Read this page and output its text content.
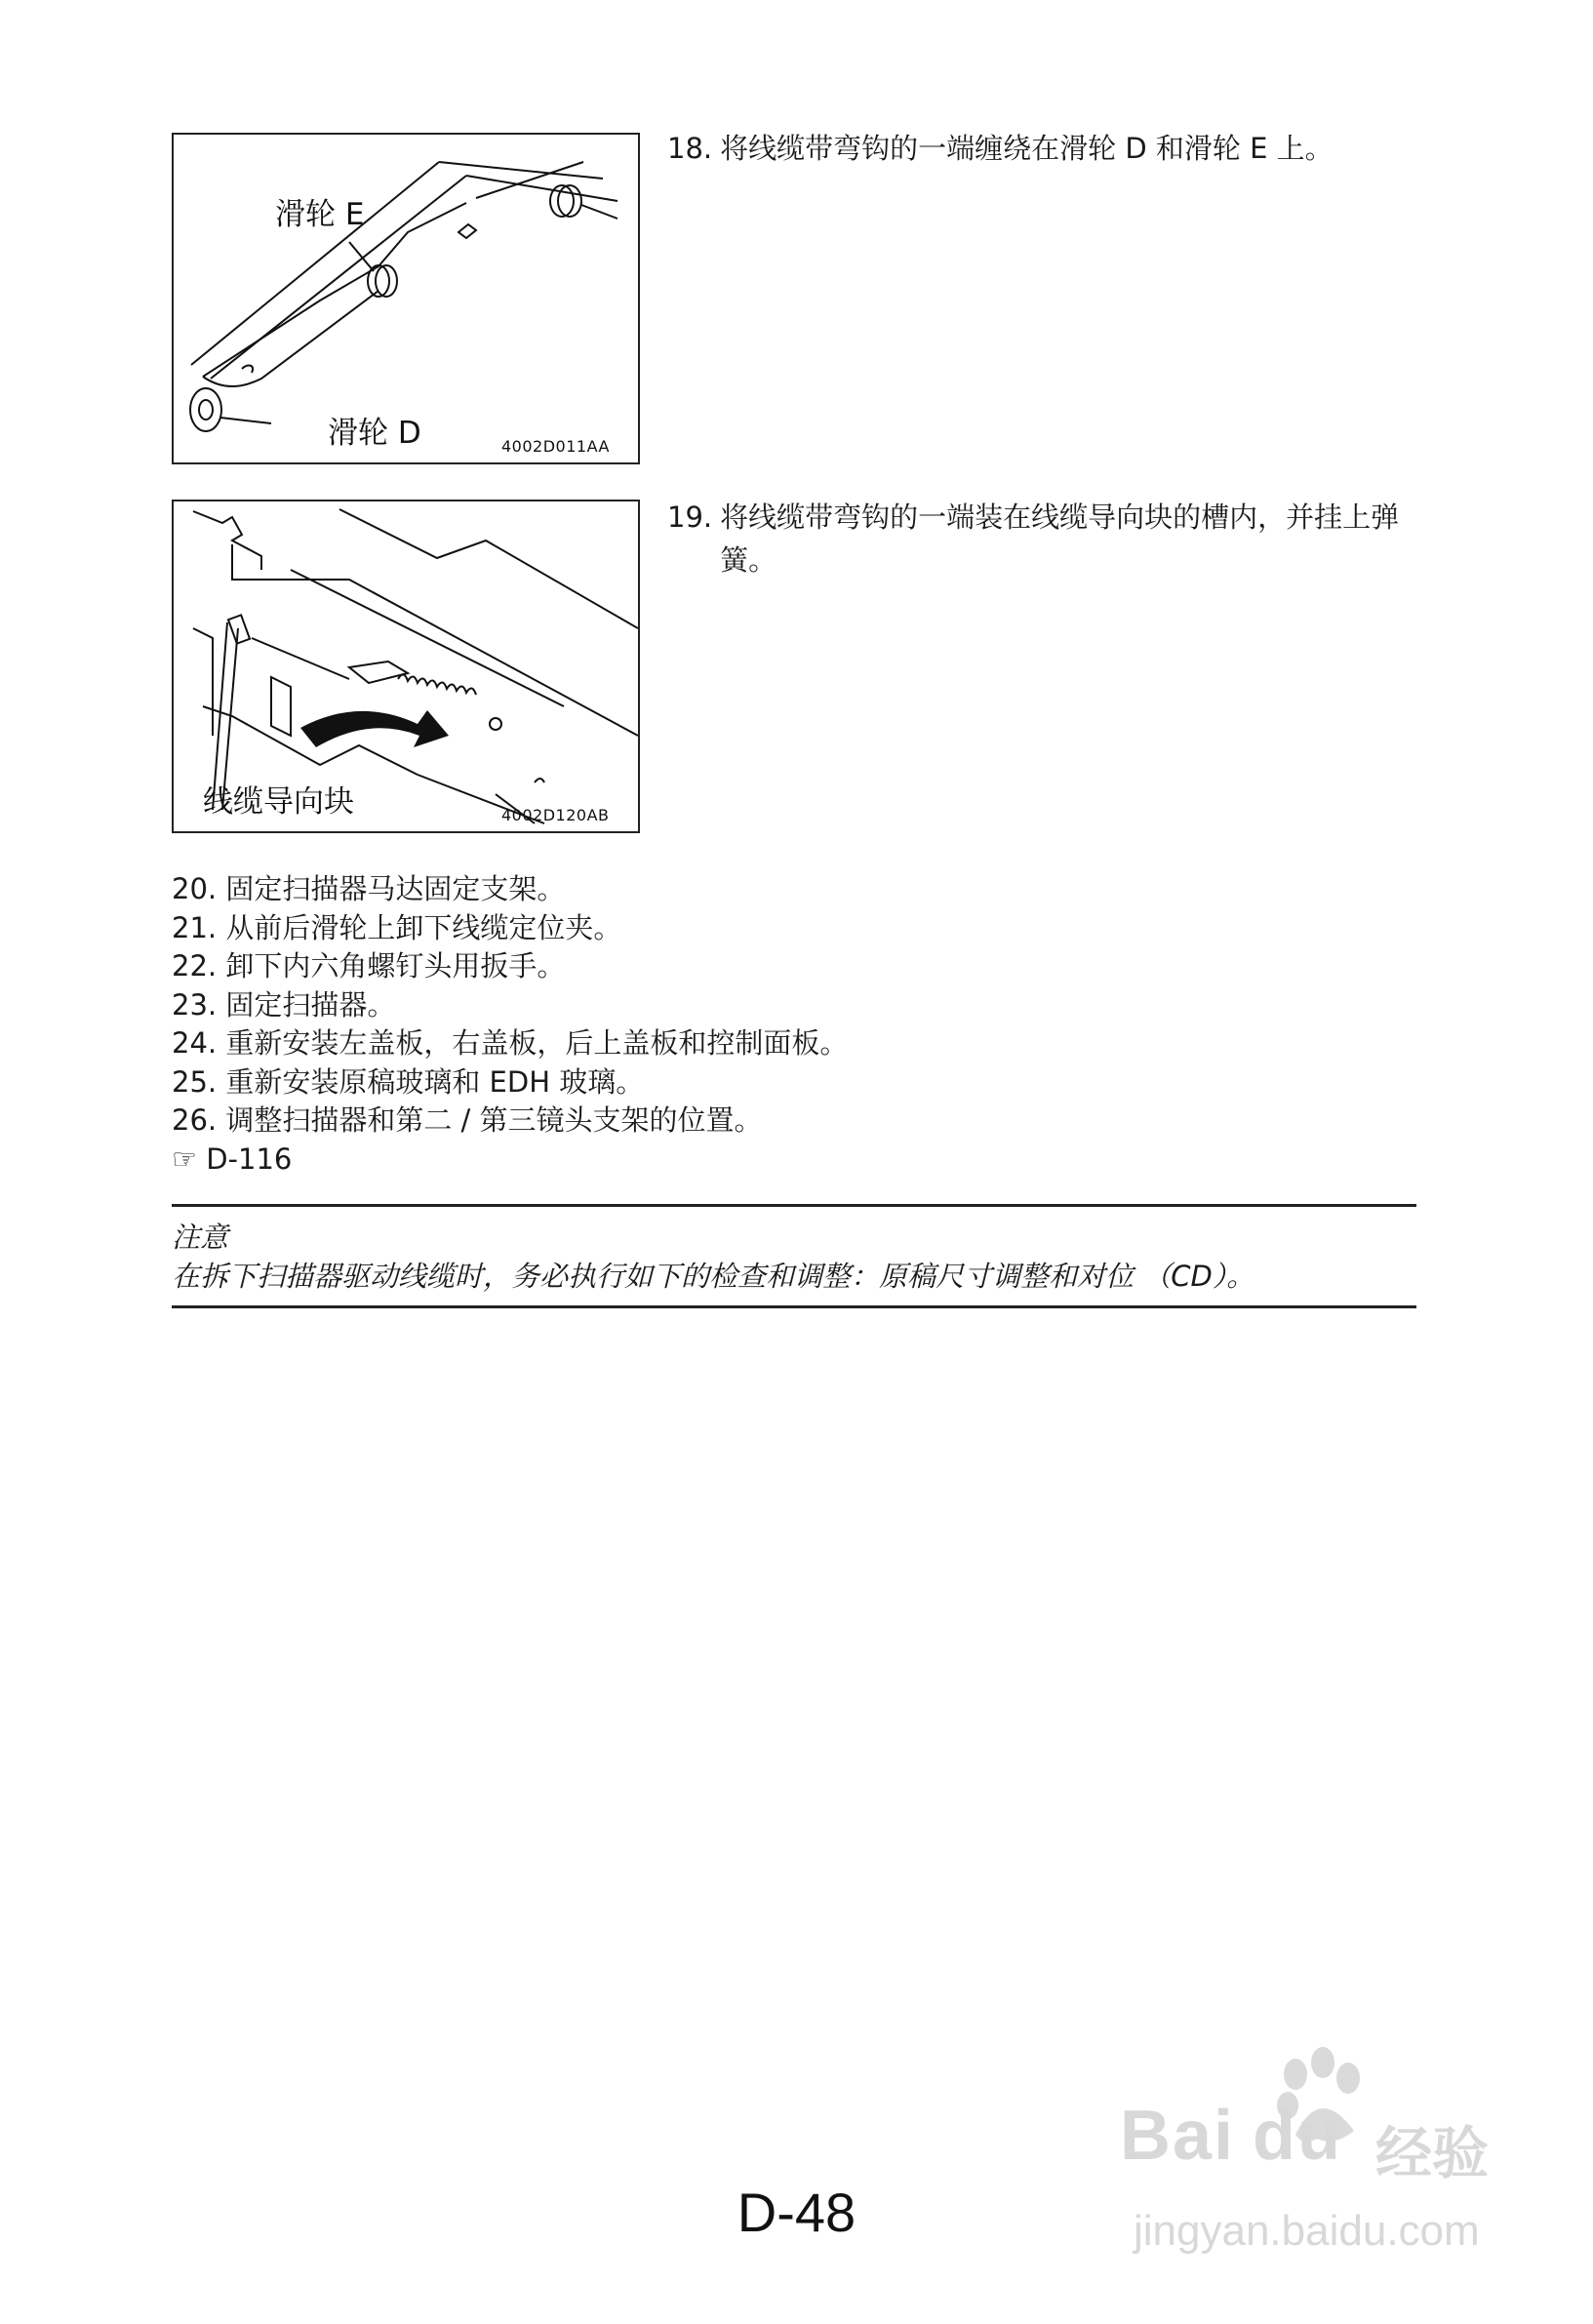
滑轮 E
滑轮 D	4002D011AA
18. 将线缆带弯钩的一端缠绕在滑轮 D 和滑轮 E 上。
线缆导向块	4002D120AB
19. 将线缆带弯钩的一端装在线缆导向块的槽内，并挂上弹簧。
20. 固定扫描器马达固定支架。
21. 从前后滑轮上卸下线缆定位夹。
22. 卸下内六角螺钉头用扳手。
23. 固定扫描器。
24. 重新安装左盖板，右盖板，后上盖板和控制面板。
25. 重新安装原稿玻璃和 EDH 玻璃。
26. 调整扫描器和第二 / 第三镜头支架的位置。
☞ D-116
注意
在拆下扫描器驱动线缆时，务必执行如下的检查和调整：原稿尺寸调整和对位 （CD）。
Bai du 经验
jingyan.baidu.com
D-48
